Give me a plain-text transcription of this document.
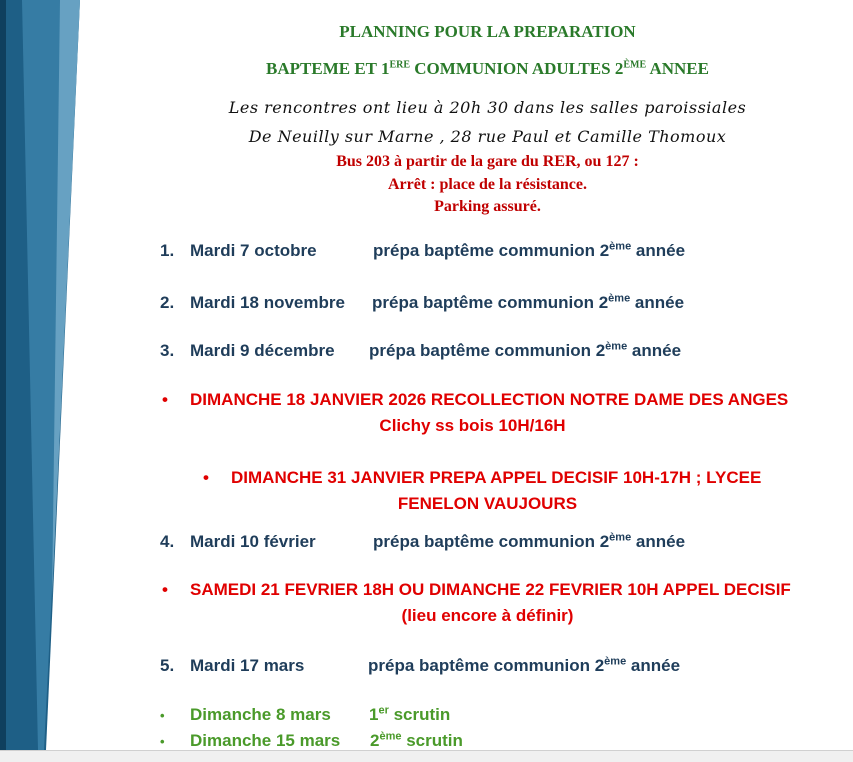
PLANNING POUR LA PREPARATION
BAPTEME ET 1ERE COMMUNION ADULTES 2ÈME ANNEE
Les rencontres ont lieu à 20h 30 dans les salles paroissiales
De Neuilly sur Marne , 28 rue Paul et Camille Thomoux
Bus 203 à partir de la gare du RER, ou 127 :
Arrêt : place de la résistance.
Parking assuré.
1. Mardi 7 octobre	prépa baptême communion 2ème année
2. Mardi 18 novembre prépa baptême communion 2ème année
3. Mardi 9 décembre prépa baptême communion 2ème année
• DIMANCHE 18 JANVIER 2026 RECOLLECTION NOTRE DAME DES ANGES
Clichy ss bois 10H/16H
• DIMANCHE 31 JANVIER PREPA APPEL DECISIF 10H-17H ; LYCEE
FENELON VAUJOURS
4. Mardi 10 février	prépa baptême communion 2ème année
• SAMEDI 21 FEVRIER 18H OU DIMANCHE 22 FEVRIER 10H APPEL DECISIF
(lieu encore à définir)
5. Mardi 17 mars	prépa baptême communion 2ème année
• Dimanche 8 mars 1er scrutin
• Dimanche 15 mars 2ème scrutin
